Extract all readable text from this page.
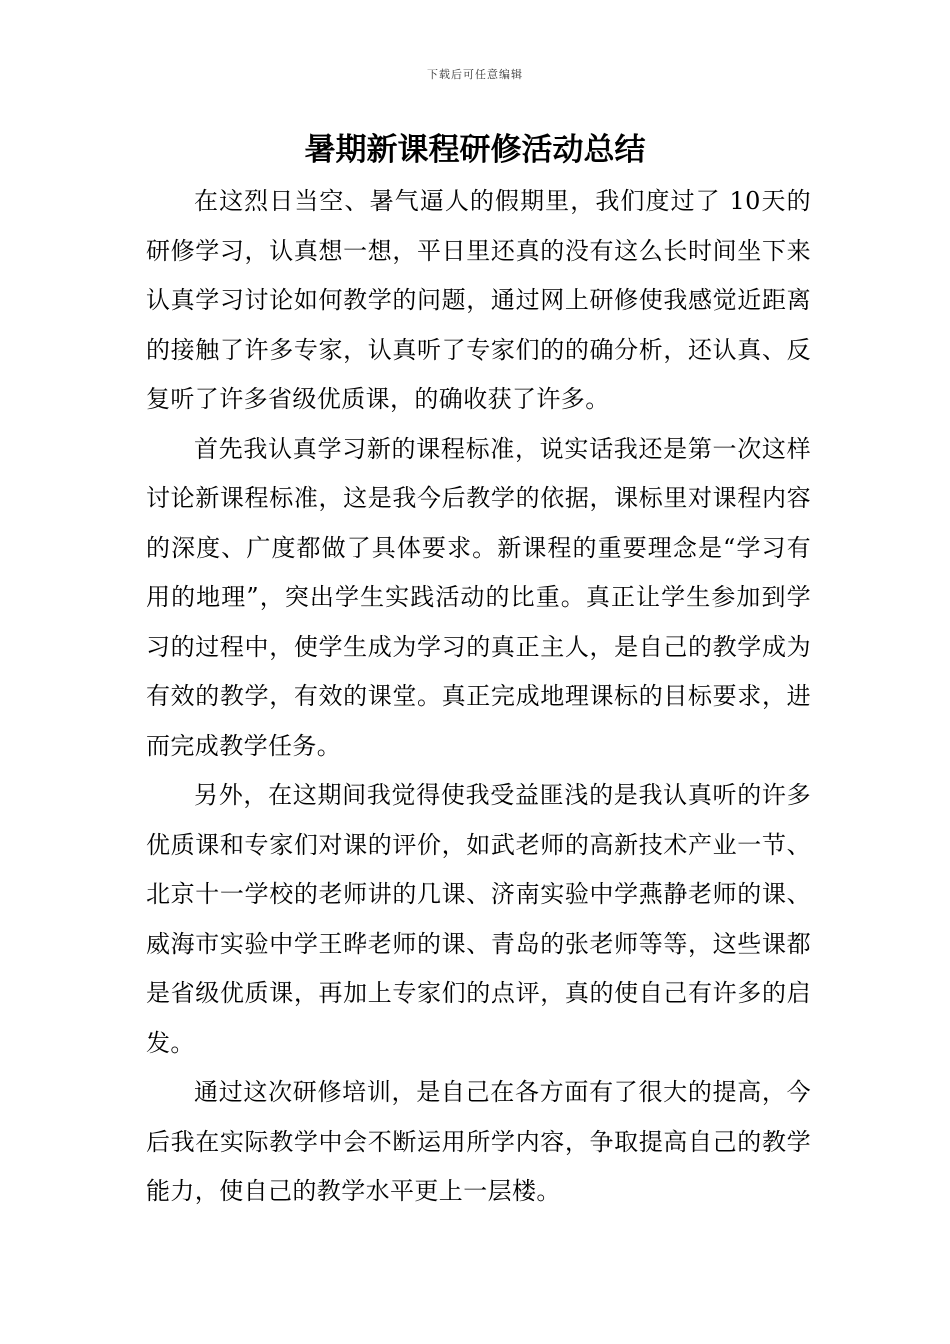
下载后可任意编辑
暑期新课程研修活动总结

在这烈日当空、暑气逼人的假期里，我们度过了 10天的研修学习，认真想一想，平日里还真的没有这么长时间坐下来认真学习讨论如何教学的问题，通过网上研修使我感觉近距离的接触了许多专家，认真听了专家们的的确分析，还认真、反复听了许多省级优质课，的确收获了许多。

首先我认真学习新的课程标准，说实话我还是第一次这样讨论新课程标准，这是我今后教学的依据，课标里对课程内容的深度、广度都做了具体要求。新课程的重要理念是“学习有用的地理”，突出学生实践活动的比重。真正让学生参加到学习的过程中，使学生成为学习的真正主人，是自己的教学成为有效的教学，有效的课堂。真正完成地理课标的目标要求，进而完成教学任务。

另外，在这期间我觉得使我受益匪浅的是我认真听的许多优质课和专家们对课的评价，如武老师的高新技术产业一节、北京十一学校的老师讲的几课、济南实验中学燕静老师的课、威海市实验中学王晔老师的课、青岛的张老师等等，这些课都是省级优质课，再加上专家们的点评，真的使自己有许多的启发。

通过这次研修培训，是自己在各方面有了很大的提高，今后我在实际教学中会不断运用所学内容，争取提高自己的教学能力，使自己的教学水平更上一层楼。
